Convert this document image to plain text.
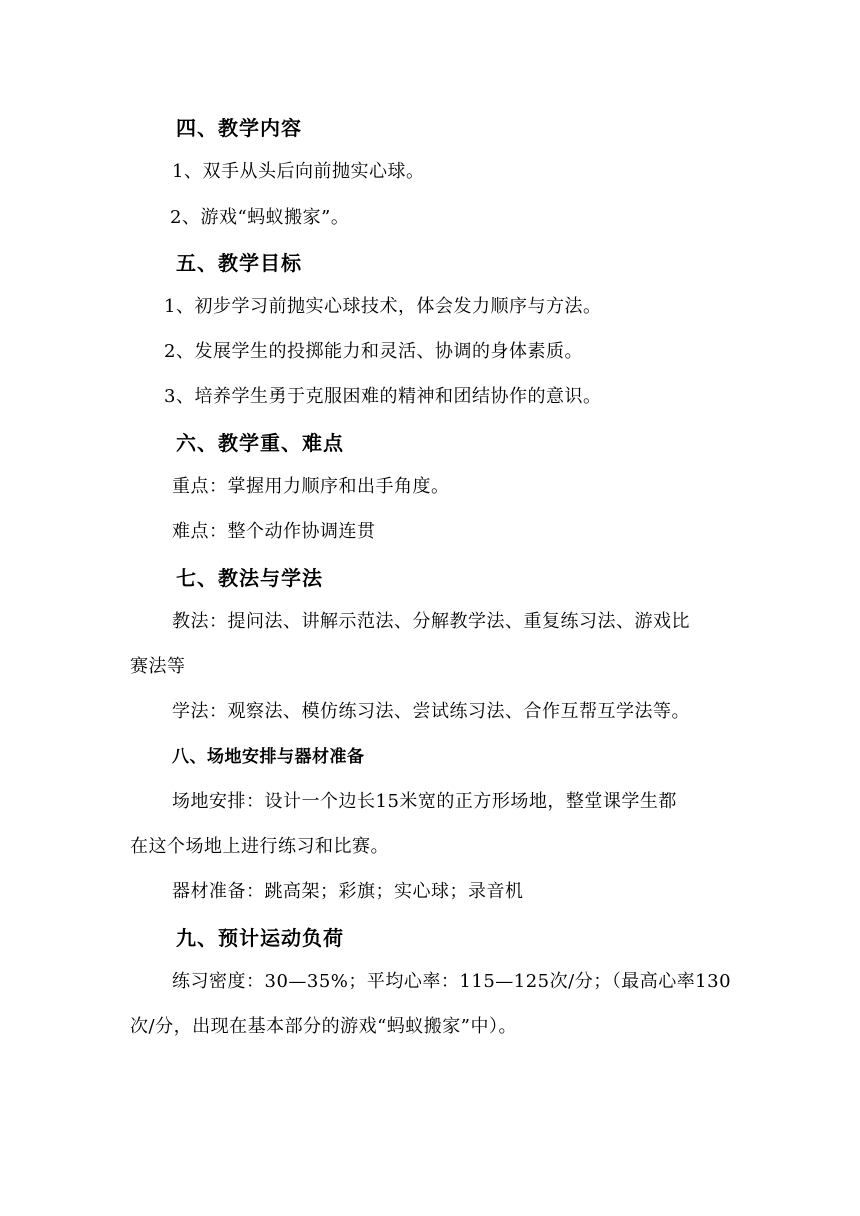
四、教学内容
1、双手从头后向前抛实心球。
2、游戏“蚂蚁搬家”。
五、教学目标
1、初步学习前抛实心球技术，体会发力顺序与方法。
2、发展学生的投掷能力和灵活、协调的身体素质。
3、培养学生勇于克服困难的精神和团结协作的意识。
六、教学重、难点
重点：掌握用力顺序和出手角度。
难点：整个动作协调连贯
七、教法与学法
教法：提问法、讲解示范法、分解教学法、重复练习法、游戏比
赛法等
学法：观察法、模仿练习法、尝试练习法、合作互帮互学法等。
八、场地安排与器材准备
场地安排：设计一个边长15米宽的正方形场地，整堂课学生都
在这个场地上进行练习和比赛。
器材准备：跳高架；彩旗；实心球；录音机
九、预计运动负荷
练习密度：30—35%；平均心率：115—125次/分；（最高心率130
次/分，出现在基本部分的游戏“蚂蚁搬家”中）。
